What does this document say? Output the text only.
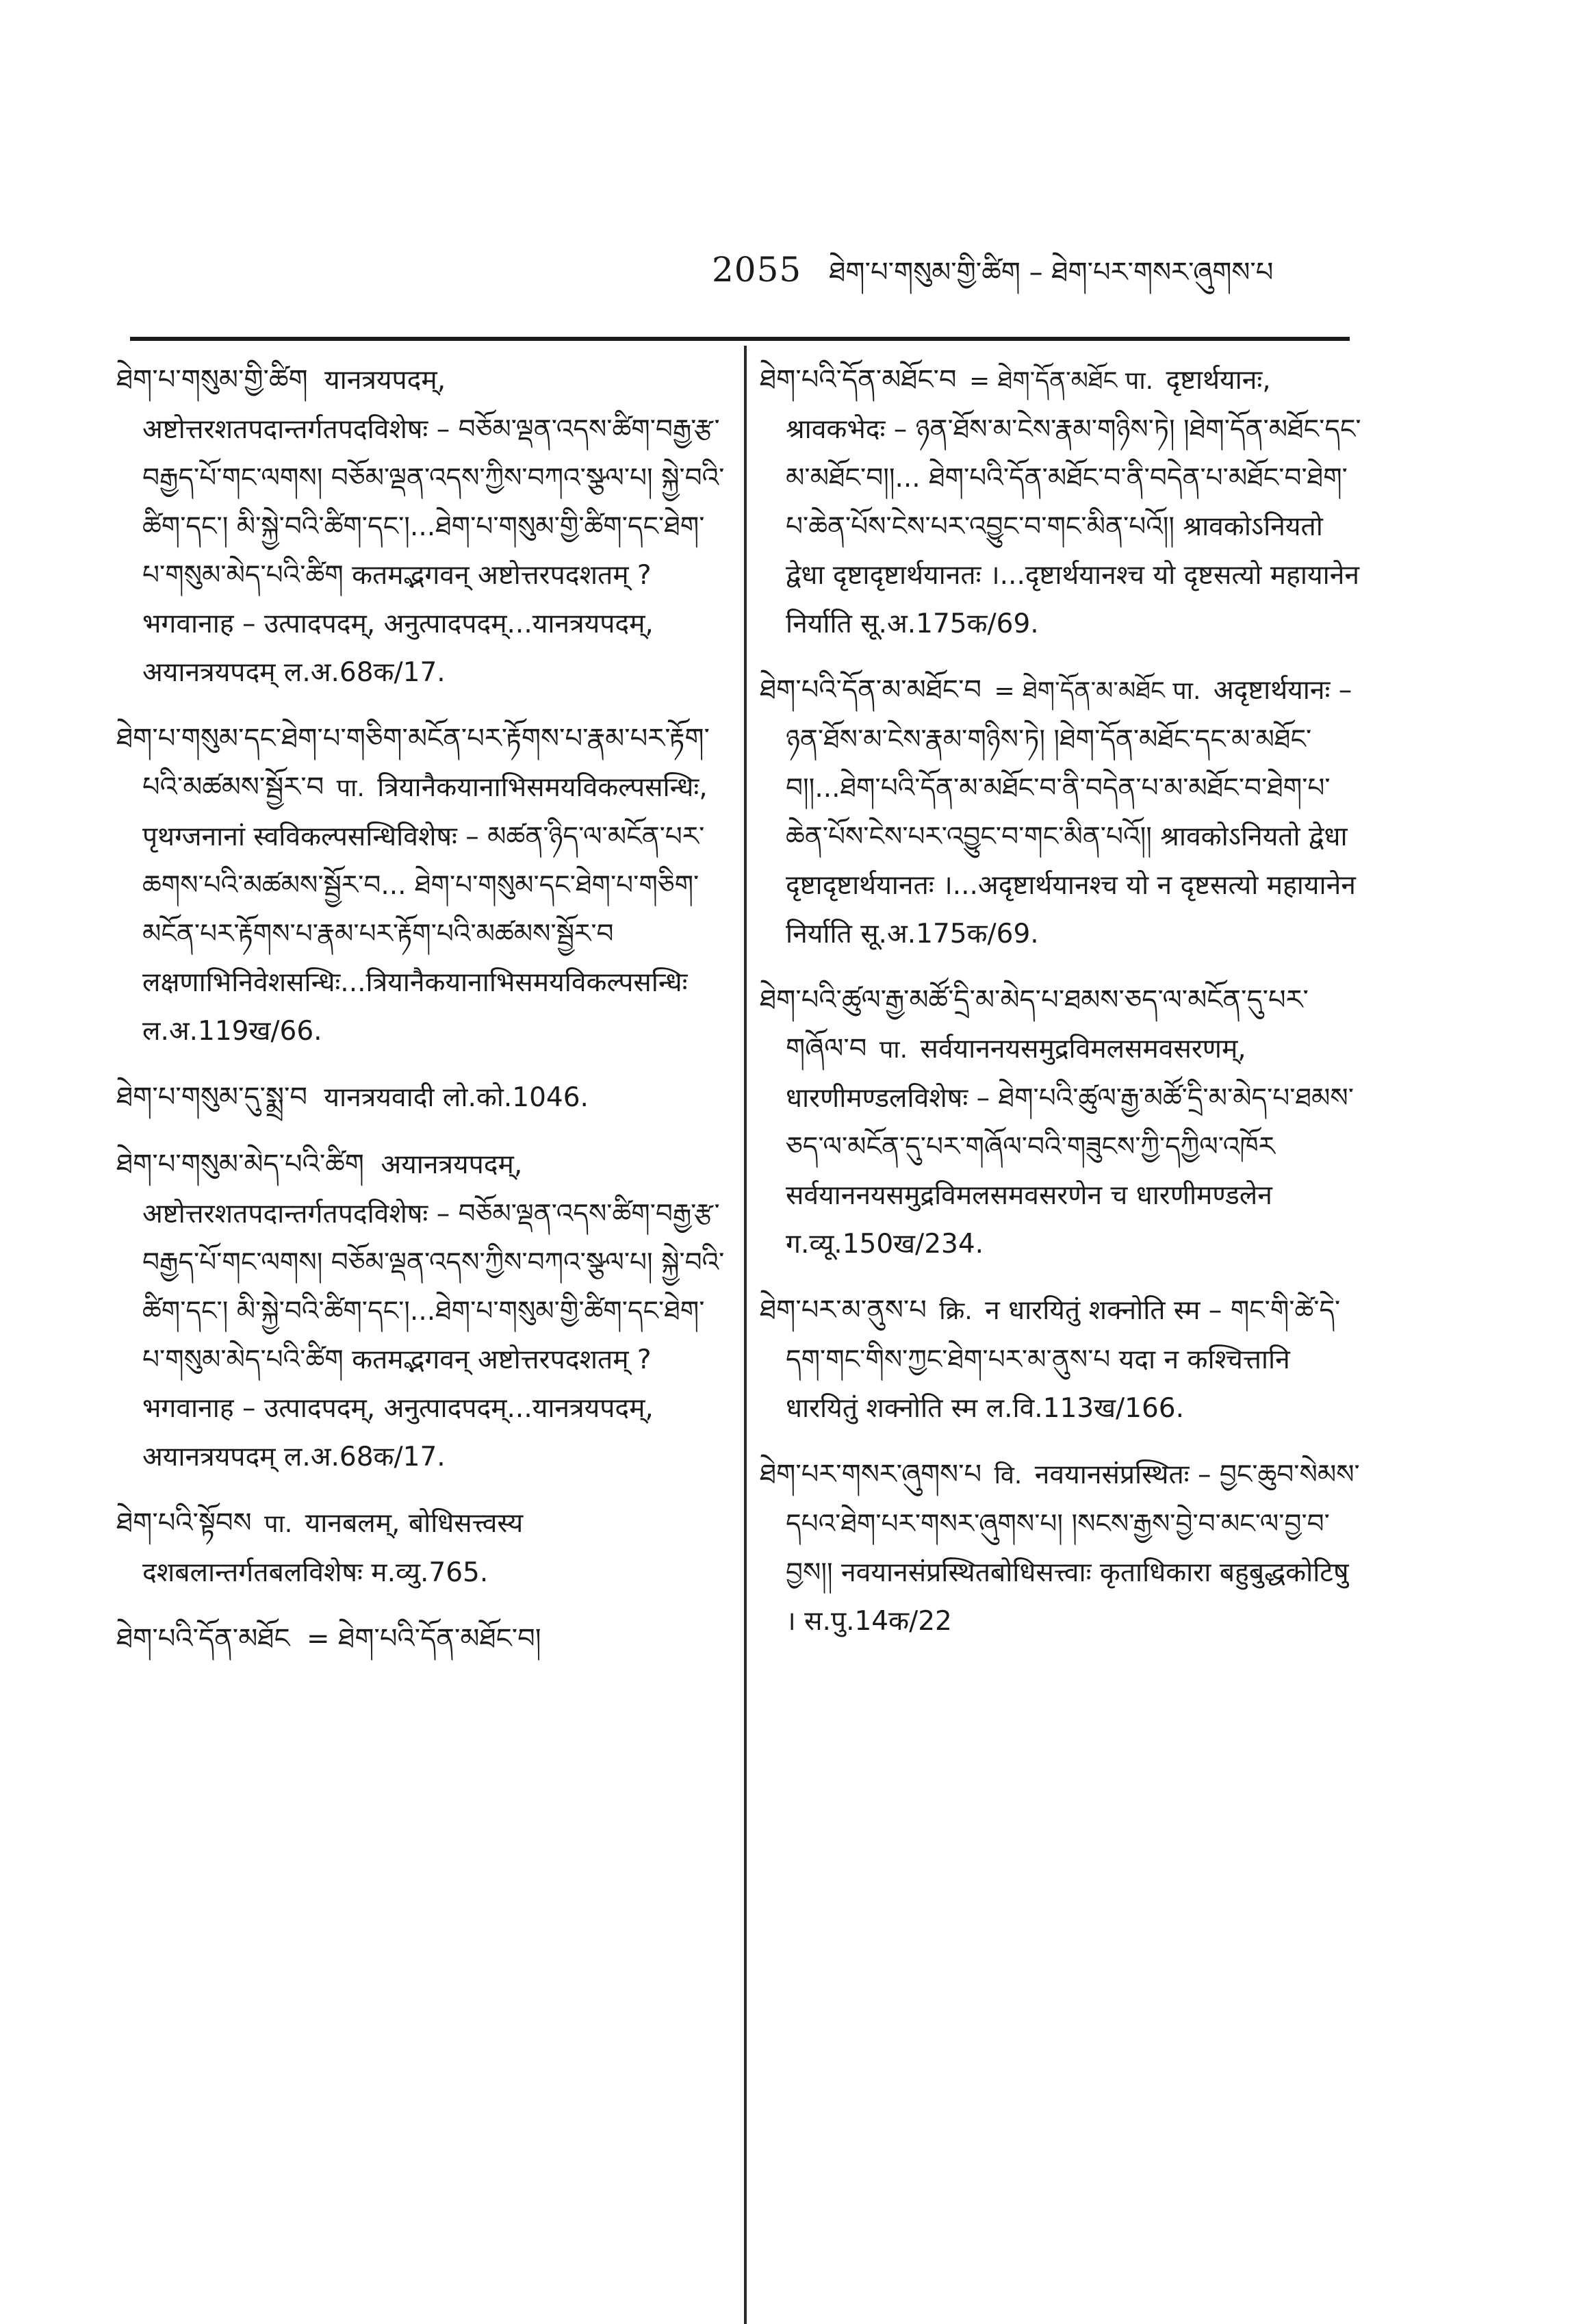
2055 ཐེག་པ་གསུམ་གྱི་ཚིག – ཐེག་པར་གསར་ཞུགས་པ
ཐེག་པ་གསུམ་གྱི་ཚིག यानत्रयपदम्, अष्टोत्तरशतपदान्तर्गतपदविशेषः – བཅོམ་ལྡན་འདས་ཚིག་བརྒྱ་རྩ་བརྒྱད་པོ་གང་ལགས། བཅོམ་ལྡན་འདས་ཀྱིས་བཀའ་སྩལ་པ། སྐྱེ་བའི་ཚིག་དང་། མི་སྐྱེ་བའི་ཚིག་དང་།...ཐེག་པ་གསུམ་གྱི་ཚིག་དང་ཐེག་པ་གསུམ་མེད་པའི་ཚིག कतमद्भगवन् अष्टोत्तरपदशतम् ? भगवानाह – उत्पादपदम्, अनुत्पादपदम्...यानत्रयपदम्, अयानत्रयपदम् ल.अ.68क/17.
ཐེག་པ་གསུམ་དང་ཐེག་པ་གཅིག་མངོན་པར་རྟོགས་པ་རྣམ་པར་རྟོག་པའི་མཚམས་སྦྱོར་བ पा. त्रियानैकयानाभिसमयविकल्पसन्धिः, पृथग्जनानां स्वविकल्पसन्धिविशेषः – མཚན་ཉིད་ལ་མངོན་པར་ཆགས་པའི་མཚམས་སྦྱོར་བ... ཐེག་པ་གསུམ་དང་ཐེག་པ་གཅིག་མངོན་པར་རྟོགས་པ་རྣམ་པར་རྟོག་པའི་མཚམས་སྦྱོར་བ लक्षणाभिनिवेशसन्धिः...त्रियानैकयानाभिसमयविकल्पसन्धिः ल.अ.119ख/66.
ཐེག་པ་གསུམ་དུ་སྨྲ་བ यानत्रयवादी लो.को.1046.
ཐེག་པ་གསུམ་མེད་པའི་ཚིག अयानत्रयपदम्, अष्टोत्तरशतपदान्तर्गतपदविशेषः – བཅོམ་ལྡན་འདས་ཚིག་བརྒྱ་རྩ་བརྒྱད་པོ་གང་ལགས། བཅོམ་ལྡན་འདས་ཀྱིས་བཀའ་སྩལ་པ། སྐྱེ་བའི་ཚིག་དང་། མི་སྐྱེ་བའི་ཚིག་དང་།...ཐེག་པ་གསུམ་གྱི་ཚིག་དང་ཐེག་པ་གསུམ་མེད་པའི་ཚིག कतमद्भगवन् अष्टोत्तरपदशतम् ? भगवानाह – उत्पादपदम्, अनुत्पादपदम्...यानत्रयपदम्, अयानत्रयपदम् ल.अ.68क/17.
ཐེག་པའི་སྟོབས पा. यानबलम्, बोधिसत्त्वस्य दशबलान्तर्गतबलविशेषः म.व्यु.765.
ཐེག་པའི་དོན་མཐོང = ཐེག་པའི་དོན་མཐོང་བ།
ཐེག་པའི་དོན་མཐོང་བ = ཐེག་དོན་མཐོང पा. दृष्टार्थयानः, श्रावकभेदः – ཉན་ཐོས་མ་ངེས་རྣམ་གཉིས་ཏེ། །ཐེག་དོན་མཐོང་དང་མ་མཐོང་བ།།... ཐེག་པའི་དོན་མཐོང་བ་ནི་བདེན་པ་མཐོང་བ་ཐེག་པ་ཆེན་པོས་ངེས་པར་འབྱུང་བ་གང་མིན་པའོ།། श्रावकोऽनियतो द्वेधा दृष्टादृष्टार्थयानतः ।...दृष्टार्थयानश्च यो दृष्टसत्यो महायानेन निर्याति सू.अ.175क/69.
ཐེག་པའི་དོན་མ་མཐོང་བ = ཐེག་དོན་མ་མཐོང पा. अदृष्टार्थयानः – ཉན་ཐོས་མ་ངེས་རྣམ་གཉིས་ཏེ། །ཐེག་དོན་མཐོང་དང་མ་མཐོང་བ།།...ཐེག་པའི་དོན་མ་མཐོང་བ་ནི་བདེན་པ་མ་མཐོང་བ་ཐེག་པ་ཆེན་པོས་ངེས་པར་འབྱུང་བ་གང་མིན་པའོ།། श्रावकोऽनियतो द्वेधा दृष्टादृष्टार्थयानतः ।...अदृष्टार्थयानश्च यो न दृष्टसत्यो महायानेन निर्याति सू.अ.175क/69.
ཐེག་པའི་ཚུལ་རྒྱ་མཚོ་དྲི་མ་མེད་པ་ཐམས་ཅད་ལ་མངོན་དུ་པར་གཞོལ་བ पा. सर्वयाननयसमुद्रविमलसमवसरणम्, धारणीमण्डलविशेषः – ཐེག་པའི་ཚུལ་རྒྱ་མཚོ་དྲི་མ་མེད་པ་ཐམས་ཅད་ལ་མངོན་དུ་པར་གཞོལ་བའི་གཟུངས་ཀྱི་དཀྱིལ་འཁོར सर्वयाननयसमुद्रविमलसमवसरणेन च धारणीमण्डलेन ग.व्यू.150ख/234.
ཐེག་པར་མ་ནུས་པ क्रि. न धारयितुं शक्नोति स्म – གང་གི་ཚེ་དེ་དག་གང་གིས་ཀྱང་ཐེག་པར་མ་ནུས་པ यदा न कश्चित्तानि धारयितुं शक्नोति स्म ल.वि.113ख/166.
ཐེག་པར་གསར་ཞུགས་པ वि. नवयानसंप्रस्थितः – བྱང་ཆུབ་སེམས་དཔའ་ཐེག་པར་གསར་ཞུགས་པ། །སངས་རྒྱས་བྱེ་བ་མང་ལ་བྱ་བ་བྱས།། नवयानसंप्रस्थितबोधिसत्त्वाः कृताधिकारा बहुबुद्धकोटिषु । स.पु.14क/22
